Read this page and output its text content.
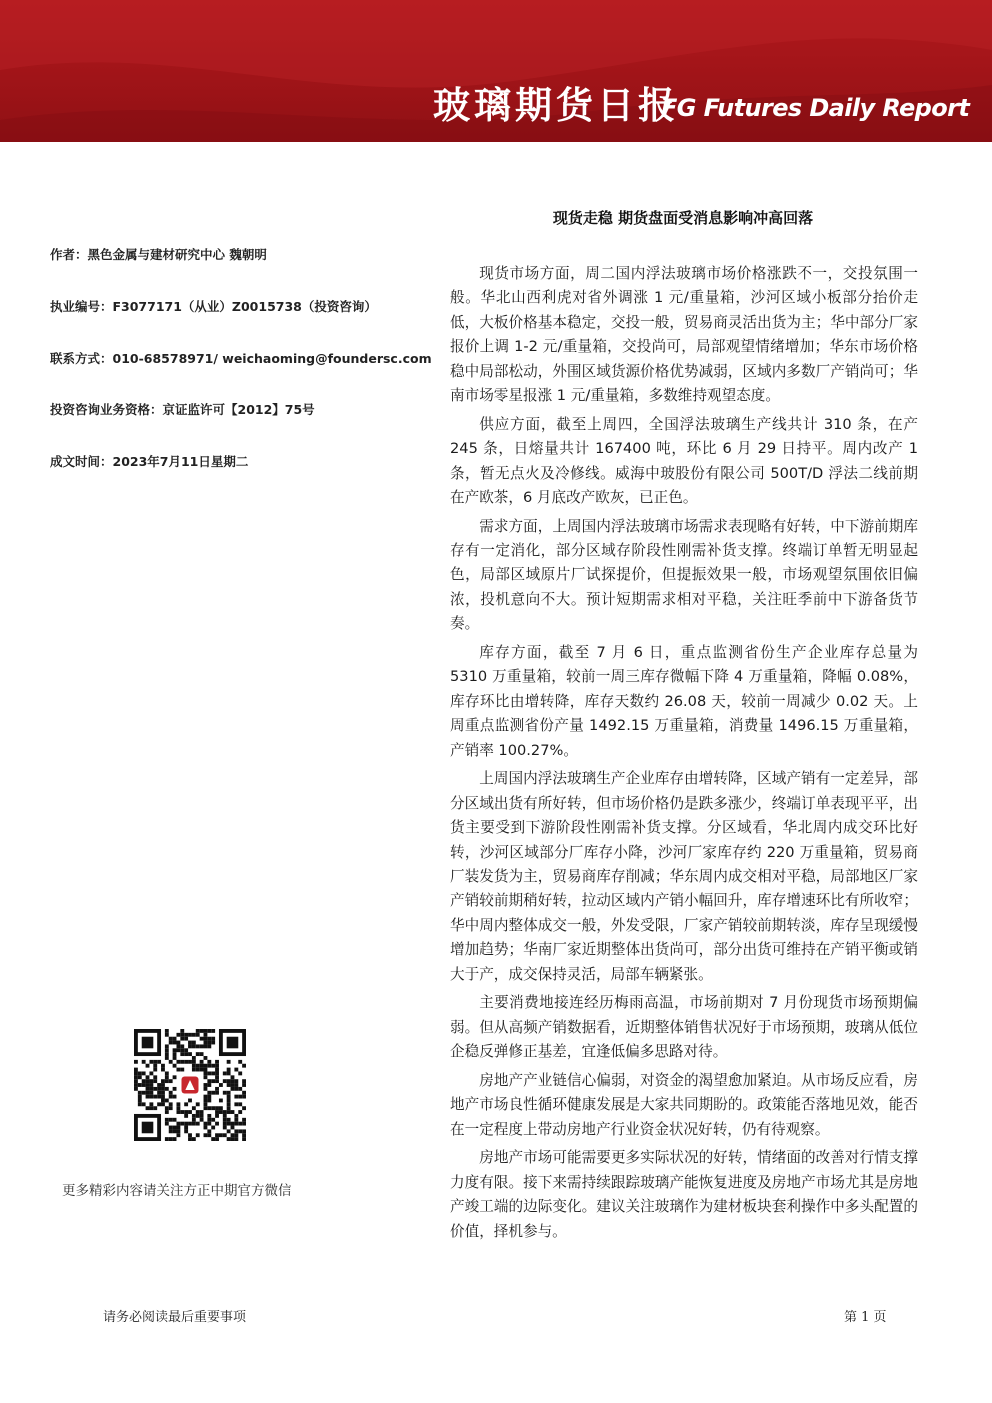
玻璃期货日报
FG Futures Daily Report
现货走稳 期货盘面受消息影响冲高回落
作者：黑色金属与建材研究中心 魏朝明
执业编号：F3077171（从业）Z0015738（投资咨询）
联系方式：010-68578971/ weichaoming@foundersc.com
投资咨询业务资格：京证监许可【2012】75号
成文时间：2023年7月11日星期二

现货市场方面，周二国内浮法玻璃市场价格涨跌不一，交投氛围一般。华北山西利虎对省外调涨 1 元/重量箱，沙河区域小板部分抬价走低，大板价格基本稳定，交投一般，贸易商灵活出货为主；华中部分厂家报价上调 1-2 元/重量箱，交投尚可，局部观望情绪增加；华东市场价格稳中局部松动，外围区域货源价格优势减弱，区域内多数厂产销尚可；华南市场零星报涨 1 元/重量箱，多数维持观望态度。

供应方面，截至上周四，全国浮法玻璃生产线共计 310 条，在产 245 条，日熔量共计 167400 吨，环比 6 月 29 日持平。周内改产 1 条，暂无点火及冷修线。威海中玻股份有限公司 500T/D 浮法二线前期在产欧茶，6 月底改产欧灰，已正色。

需求方面，上周国内浮法玻璃市场需求表现略有好转，中下游前期库存有一定消化，部分区域存阶段性刚需补货支撑。终端订单暂无明显起色，局部区域原片厂试探提价，但提振效果一般，市场观望氛围依旧偏浓，投机意向不大。预计短期需求相对平稳，关注旺季前中下游备货节奏。

库存方面，截至 7 月 6 日，重点监测省份生产企业库存总量为 5310 万重量箱，较前一周三库存微幅下降 4 万重量箱，降幅 0.08%，库存环比由增转降，库存天数约 26.08 天，较前一周减少 0.02 天。上周重点监测省份产量 1492.15 万重量箱，消费量 1496.15 万重量箱，产销率 100.27%。

上周国内浮法玻璃生产企业库存由增转降，区域产销有一定差异，部分区域出货有所好转，但市场价格仍是跌多涨少，终端订单表现平平，出货主要受到下游阶段性刚需补货支撑。分区域看，华北周内成交环比好转，沙河区域部分厂库存小降，沙河厂家库存约 220 万重量箱，贸易商厂装发货为主，贸易商库存削减；华东周内成交相对平稳，局部地区厂家产销较前期稍好转，拉动区域内产销小幅回升，库存增速环比有所收窄；华中周内整体成交一般，外发受限，厂家产销较前期转淡，库存呈现缓慢增加趋势；华南厂家近期整体出货尚可，部分出货可维持在产销平衡或销大于产，成交保持灵活，局部车辆紧张。

主要消费地接连经历梅雨高温，市场前期对 7 月份现货市场预期偏弱。但从高频产销数据看，近期整体销售状况好于市场预期，玻璃从低位企稳反弹修正基差，宜逢低偏多思路对待。

房地产产业链信心偏弱，对资金的渴望愈加紧迫。从市场反应看，房地产市场良性循环健康发展是大家共同期盼的。政策能否落地见效，能否在一定程度上带动房地产行业资金状况好转，仍有待观察。

房地产市场可能需要更多实际状况的好转，情绪面的改善对行情支撑力度有限。接下来需持续跟踪玻璃产能恢复进度及房地产市场尤其是房地产竣工端的边际变化。建议关注玻璃作为建材板块套利操作中多头配置的价值，择机参与。

更多精彩内容请关注方正中期官方微信
请务必阅读最后重要事项	第 1 页
